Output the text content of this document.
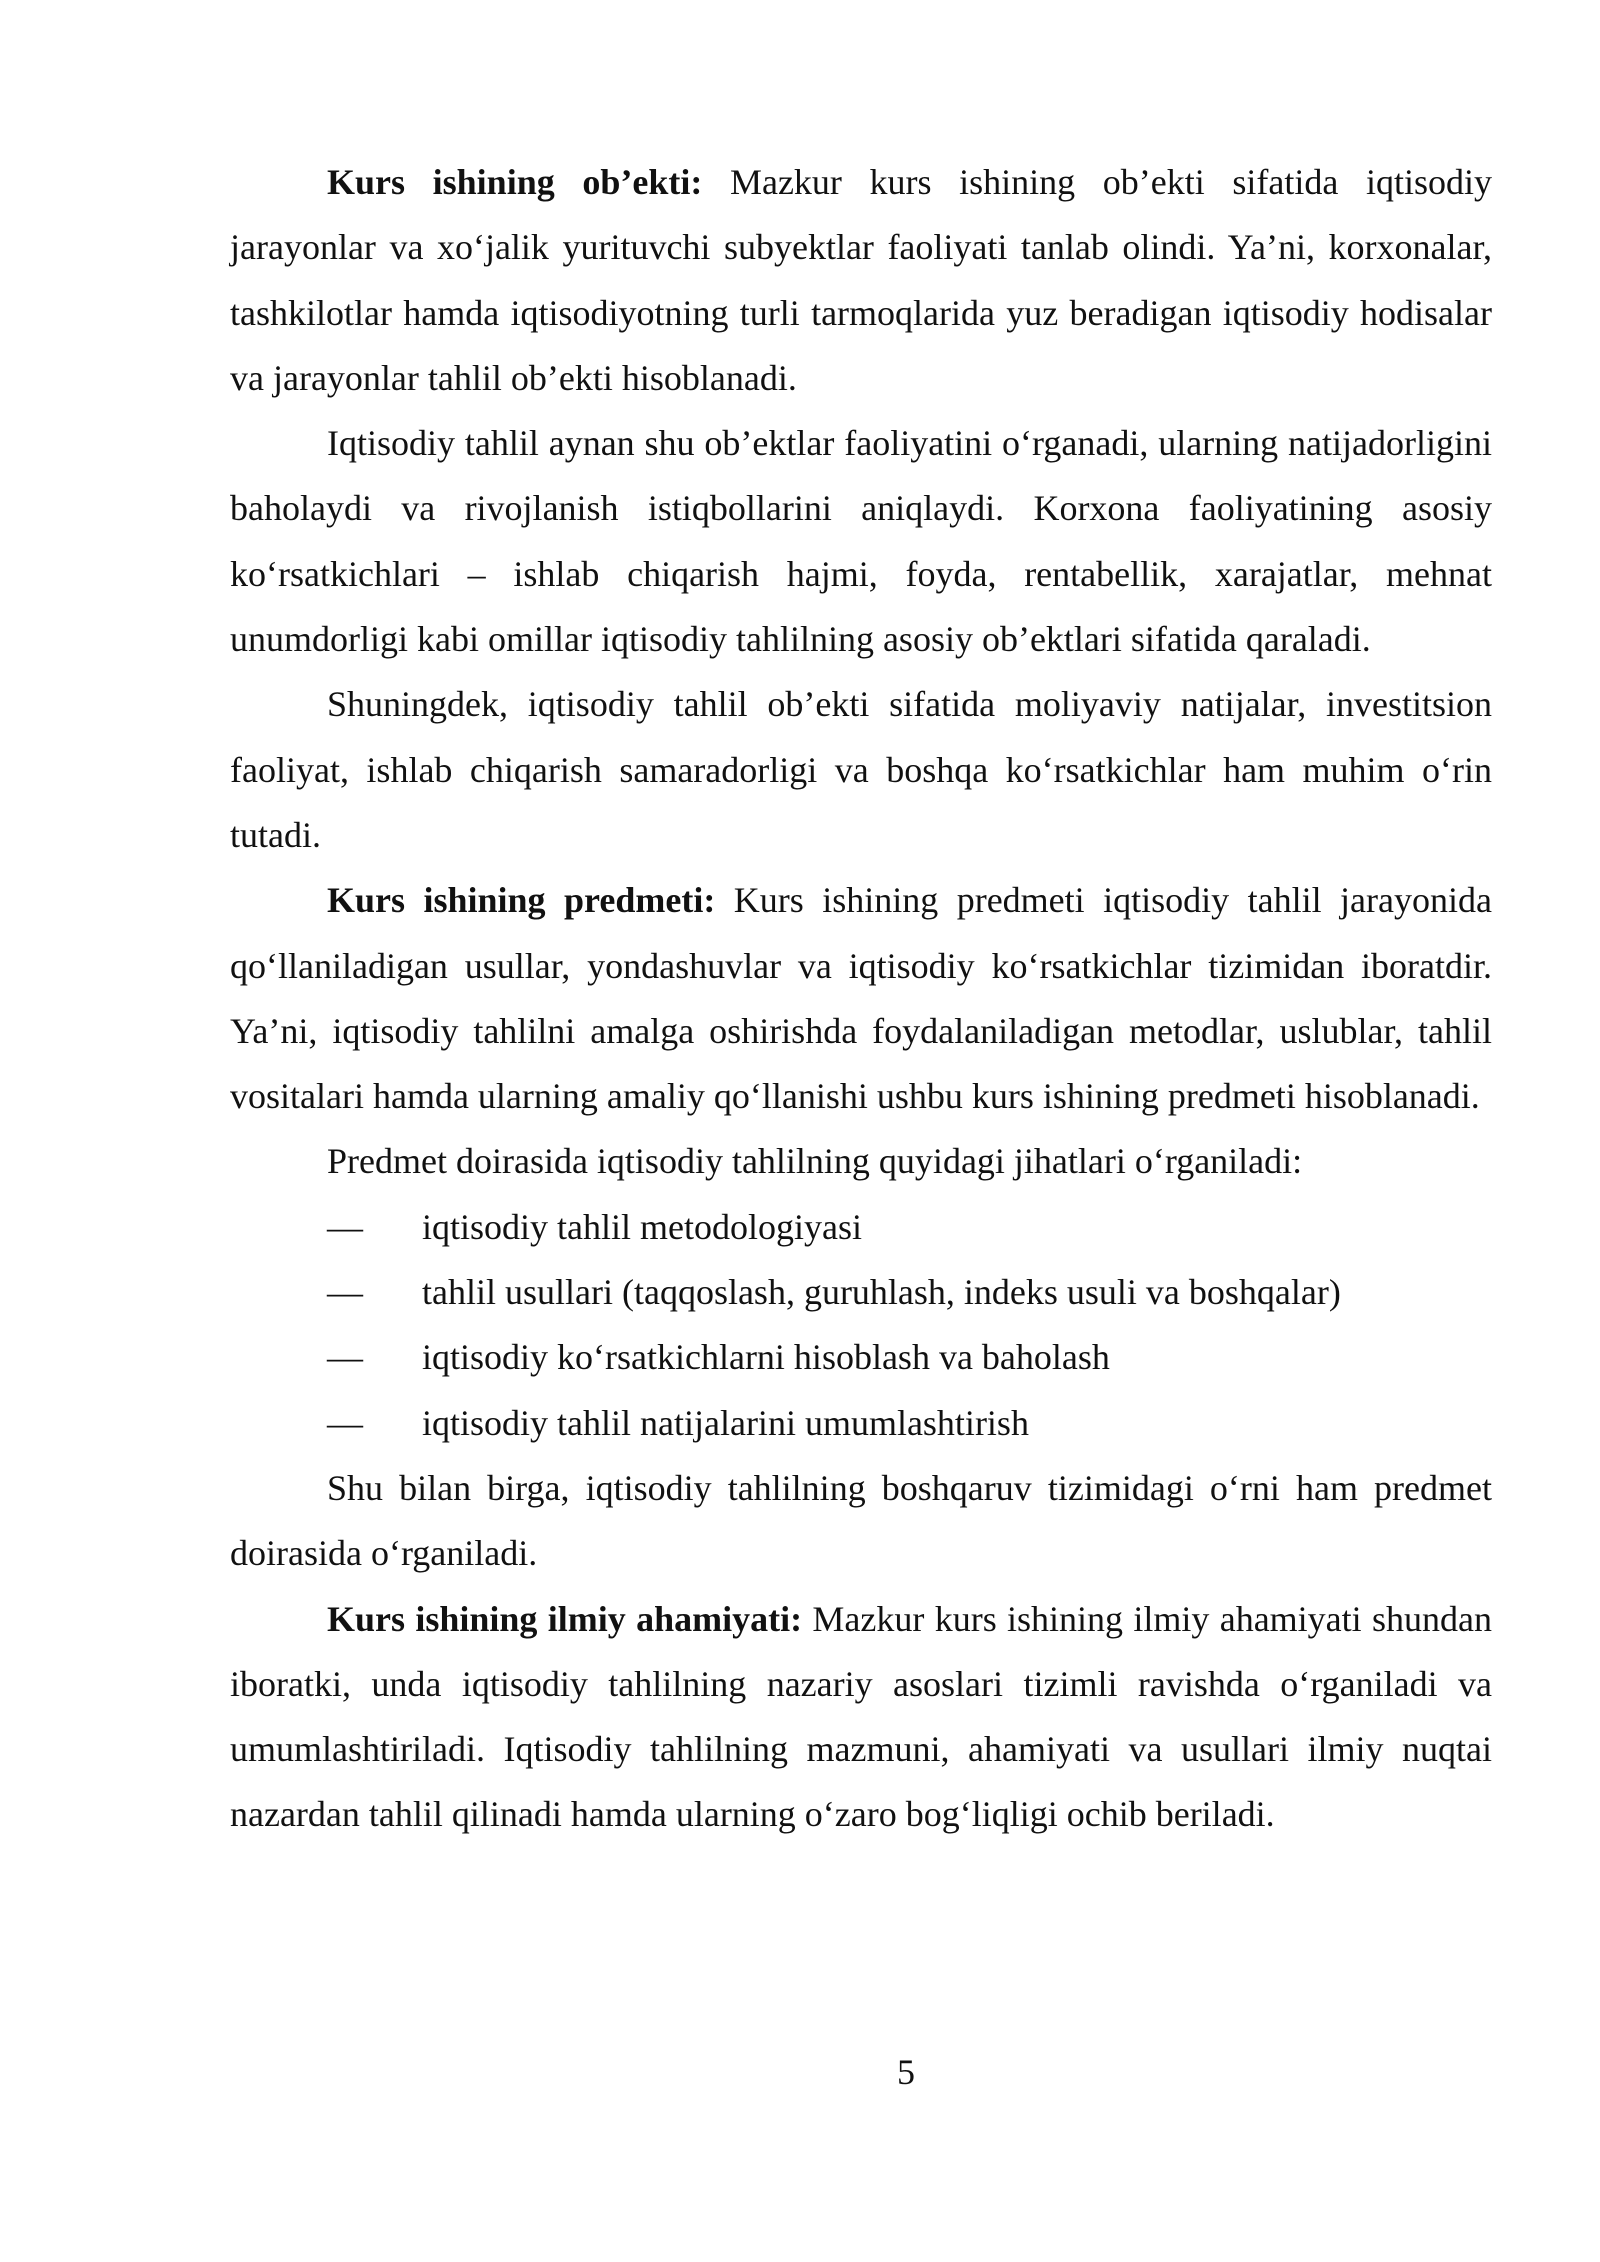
Kurs ishining ob’ekti: Mazkur kurs ishining ob’ekti sifatida iqtisodiy jarayonlar va xo‘jalik yurituvchi subyektlar faoliyati tanlab olindi. Ya’ni, korxonalar, tashkilotlar hamda iqtisodiyotning turli tarmoqlarida yuz beradigan iqtisodiy hodisalar va jarayonlar tahlil ob’ekti hisoblanadi.

Iqtisodiy tahlil aynan shu ob’ektlar faoliyatini o‘rganadi, ularning natijadorligini baholaydi va rivojlanish istiqbollarini aniqlaydi. Korxona faoliyatining asosiy ko‘rsatkichlari – ishlab chiqarish hajmi, foyda, rentabellik, xarajatlar, mehnat unumdorligi kabi omillar iqtisodiy tahlilning asosiy ob’ektlari sifatida qaraladi.

Shuningdek, iqtisodiy tahlil ob’ekti sifatida moliyaviy natijalar, investitsion faoliyat, ishlab chiqarish samaradorligi va boshqa ko‘rsatkichlar ham muhim o‘rin tutadi.

Kurs ishining predmeti: Kurs ishining predmeti iqtisodiy tahlil jarayonida qo‘llaniladigan usullar, yondashuvlar va iqtisodiy ko‘rsatkichlar tizimidan iboratdir. Ya’ni, iqtisodiy tahlilni amalga oshirishda foydalaniladigan metodlar, uslublar, tahlil vositalari hamda ularning amaliy qo‘llanishi ushbu kurs ishining predmeti hisoblanadi.

Predmet doirasida iqtisodiy tahlilning quyidagi jihatlari o‘rganiladi:

— iqtisodiy tahlil metodologiyasi
— tahlil usullari (taqqoslash, guruhlash, indeks usuli va boshqalar)
— iqtisodiy ko‘rsatkichlarni hisoblash va baholash
— iqtisodiy tahlil natijalarini umumlashtirish

Shu bilan birga, iqtisodiy tahlilning boshqaruv tizimidagi o‘rni ham predmet doirasida o‘rganiladi.

Kurs ishining ilmiy ahamiyati: Mazkur kurs ishining ilmiy ahamiyati shundan iboratki, unda iqtisodiy tahlilning nazariy asoslari tizimli ravishda o‘rganiladi va umumlashtiriladi. Iqtisodiy tahlilning mazmuni, ahamiyati va usullari ilmiy nuqtai nazardan tahlil qilinadi hamda ularning o‘zaro bog‘liqligi ochib beriladi.

5
